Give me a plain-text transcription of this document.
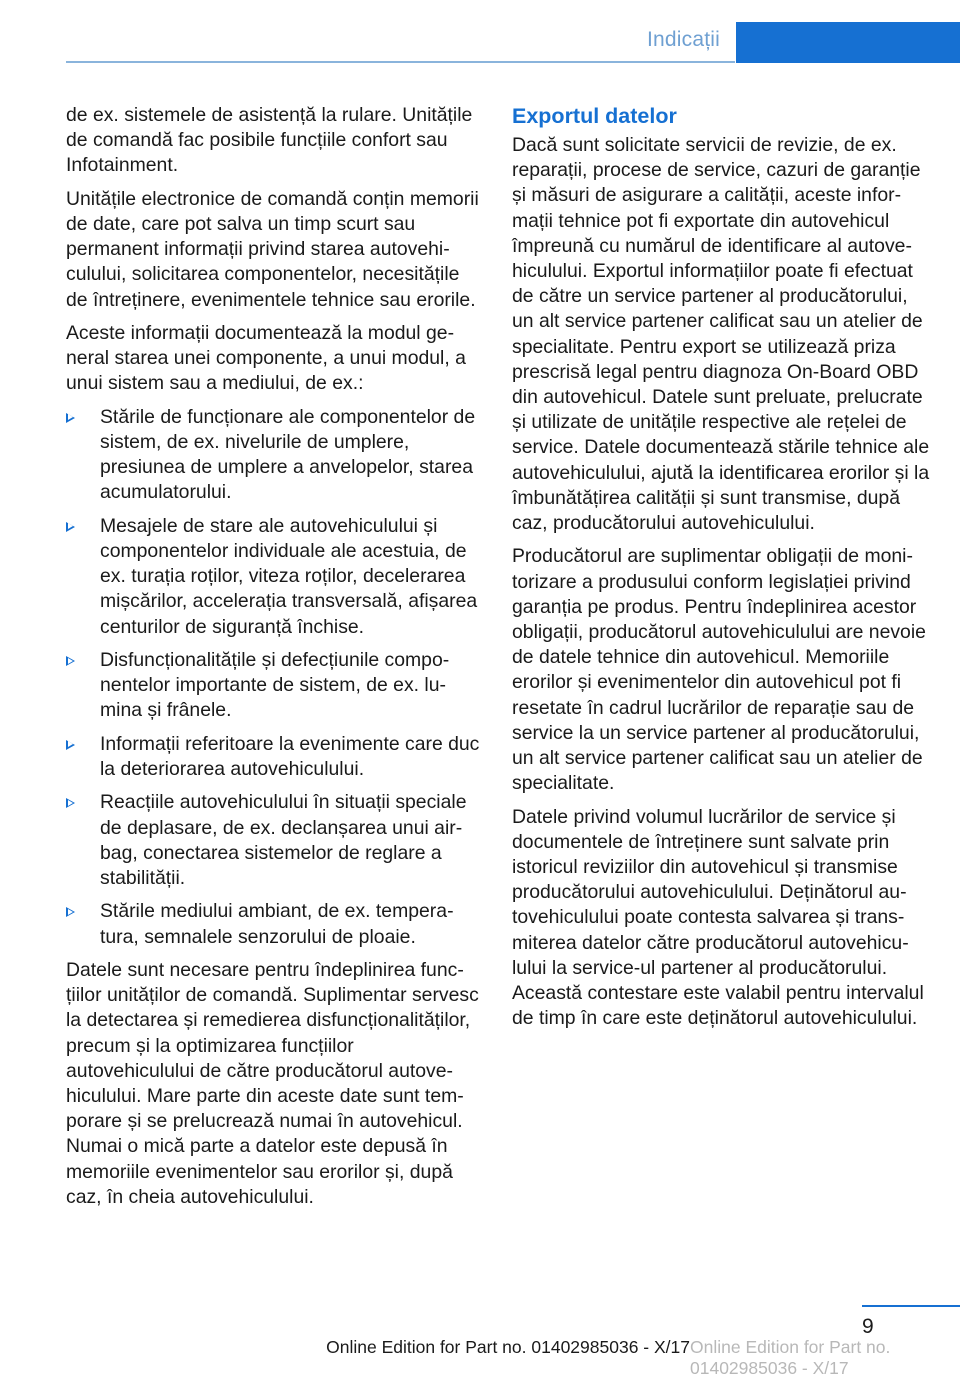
Indicații

de ex. sistemele de asistență la rulare. Unitățile de comandă fac posibile funcțiile confort sau Infotainment.

Unitățile electronice de comandă conțin memorii de date, care pot salva un timp scurt sau permanent informații privind starea autovehiculului, solicitarea componentelor, necesitățile de întreținere, evenimentele tehnice sau erorile.

Aceste informații documentează la modul general starea unei componente, a unui modul, a unui sistem sau a mediului, de ex.:

Stările de funcționare ale componentelor de sistem, de ex. nivelurile de umplere, presiunea de umplere a anvelopelor, starea acumulatorului.
Mesajele de stare ale autovehiculului și componentelor individuale ale acestuia, de ex. turația roților, viteza roților, decelerarea mișcărilor, accelerația transversală, afișarea centurilor de siguranță închise.
Disfuncționalitățile și defecțiunile componentelor importante de sistem, de ex. lumina și frânele.
Informații referitoare la evenimente care duc la deteriorarea autovehiculului.
Reacțiile autovehiculului în situații speciale de deplasare, de ex. declanșarea unui airbag, conectarea sistemelor de reglare a stabilității.
Stările mediului ambiant, de ex. temperatura, semnalele senzorului de ploaie.

Datele sunt necesare pentru îndeplinirea funcțiilor unităților de comandă. Suplimentar servesc la detectarea și remedierea disfuncționalităților, precum și la optimizarea funcțiilor autovehiculului de către producătorul autovehiculului. Mare parte din aceste date sunt temporare și se prelucrează numai în autovehicul. Numai o mică parte a datelor este depusă în memoriile evenimentelor sau erorilor și, după caz, în cheia autovehiculului.

Exportul datelor

Dacă sunt solicitate servicii de revizie, de ex. reparații, procese de service, cazuri de garanție și măsuri de asigurare a calității, aceste informații tehnice pot fi exportate din autovehicul împreună cu numărul de identificare al autovehiculului. Exportul informațiilor poate fi efectuat de către un service partener al producătorului, un alt service partener calificat sau un atelier de specialitate. Pentru export se utilizează priza prescrisă legal pentru diagnoza On-Board OBD din autovehicul. Datele sunt preluate, prelucrate și utilizate de unitățile respective ale rețelei de service. Datele documentează stările tehnice ale autovehiculului, ajută la identificarea erorilor și la îmbunătățirea calității și sunt transmise, după caz, producătorului autovehiculului.

Producătorul are suplimentar obligații de monitorizare a produsului conform legislației privind garanția pe produs. Pentru îndeplinirea acestor obligații, producătorul autovehiculului are nevoie de datele tehnice din autovehicul. Memoriile erorilor și evenimentelor din autovehicul pot fi resetate în cadrul lucrărilor de reparație sau de service la un service partener al producătorului, un alt service partener calificat sau un atelier de specialitate.

Datele privind volumul lucrărilor de service și documentele de întreținere sunt salvate prin istoricul reviziilor din autovehicul și transmise producătorului autovehiculului. Deținătorul autovehiculului poate contesta salvarea și transmiterea datelor către producătorul autovehiculului la service-ul partener al producătorului. Această contestare este valabil pentru intervalul de timp în care este deținătorul autovehiculului.

9
Online Edition for Part no. 01402985036 - X/17 Online Edition for Part no. 01402985036 - X/17
